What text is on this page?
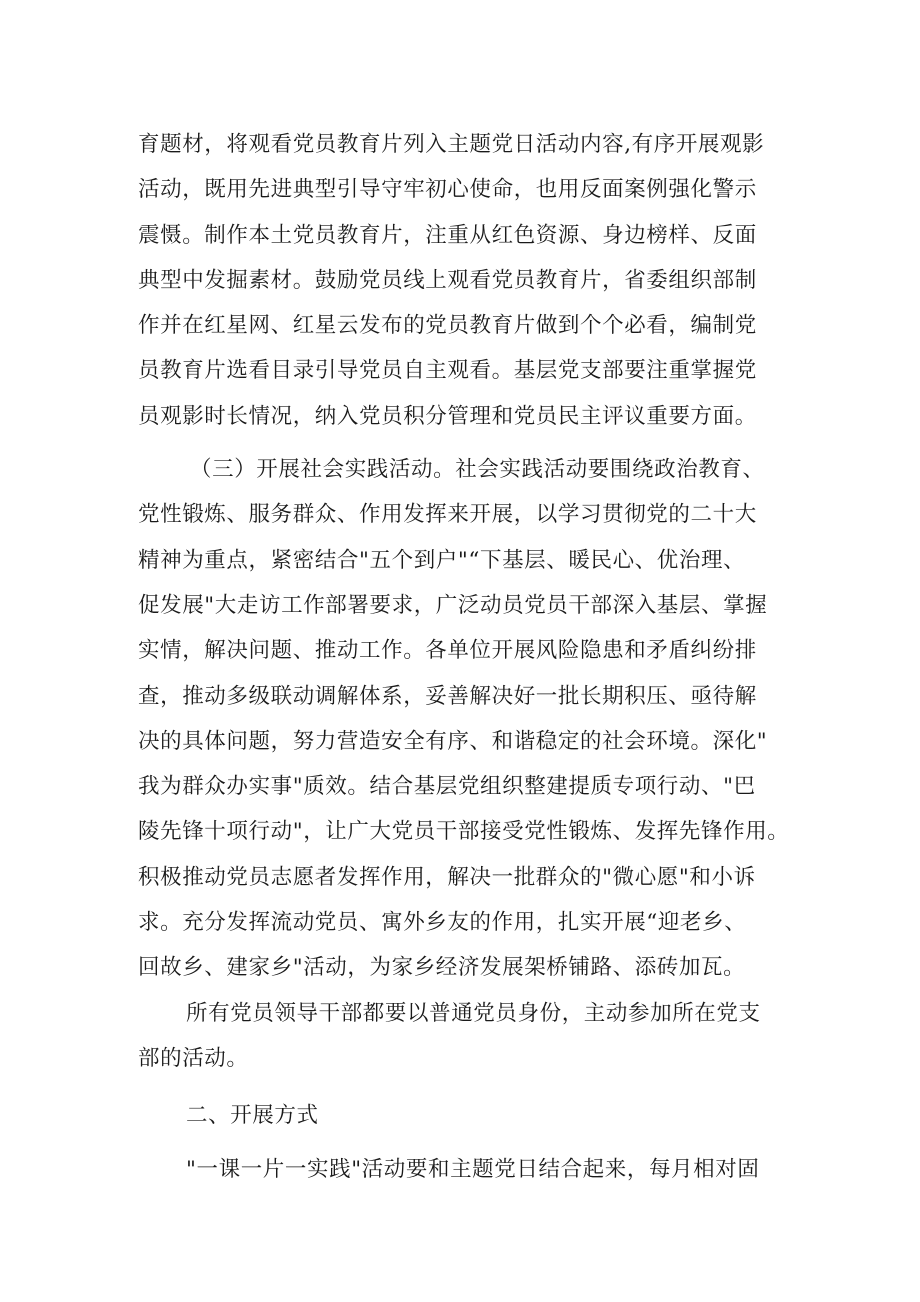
育题材，将观看党员教育片列入主题党日活动内容,有序开展观影
活动，既用先进典型引导守牢初心使命，也用反面案例强化警示
震慑。制作本土党员教育片，注重从红色资源、身边榜样、反面
典型中发掘素材。鼓励党员线上观看党员教育片，省委组织部制
作并在红星网、红星云发布的党员教育片做到个个必看，编制党
员教育片选看目录引导党员自主观看。基层党支部要注重掌握党
员观影时长情况，纳入党员积分管理和党员民主评议重要方面。
（三）开展社会实践活动。社会实践活动要围绕政治教育、
党性锻炼、服务群众、作用发挥来开展，以学习贯彻党的二十大
精神为重点，紧密结合"五个到户"“下基层、暖民心、优治理、
促发展"大走访工作部署要求，广泛动员党员干部深入基层、掌握
实情，解决问题、推动工作。各单位开展风险隐患和矛盾纠纷排
查，推动多级联动调解体系，妥善解决好一批长期积压、亟待解
决的具体问题，努力营造安全有序、和谐稳定的社会环境。深化"
我为群众办实事"质效。结合基层党组织整建提质专项行动、"巴
陵先锋十项行动"，让广大党员干部接受党性锻炼、发挥先锋作用。
积极推动党员志愿者发挥作用，解决一批群众的"微心愿"和小诉
求。充分发挥流动党员、寓外乡友的作用，扎实开展“迎老乡、
回故乡、建家乡"活动，为家乡经济发展架桥铺路、添砖加瓦。
所有党员领导干部都要以普通党员身份，主动参加所在党支
部的活动。
二、开展方式
"一课一片一实践"活动要和主题党日结合起来，每月相对固
